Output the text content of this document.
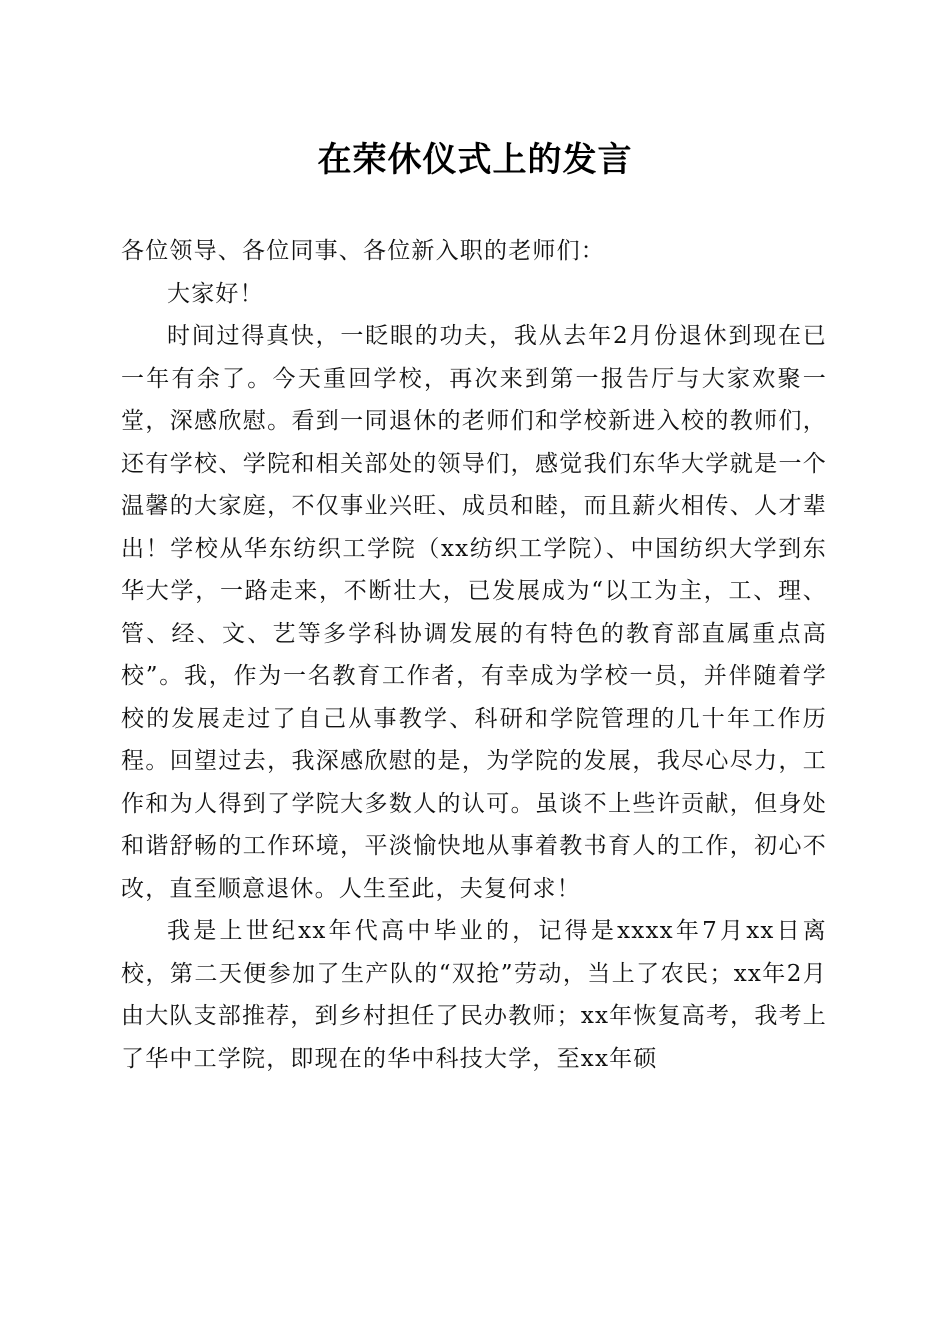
在荣休仪式上的发言

各位领导、各位同事、各位新入职的老师们：

大家好！

时间过得真快，一眨眼的功夫，我从去年2月份退休到现在已一年有余了。今天重回学校，再次来到第一报告厅与大家欢聚一堂，深感欣慰。看到一同退休的老师们和学校新进入校的教师们，还有学校、学院和相关部处的领导们，感觉我们东华大学就是一个温馨的大家庭，不仅事业兴旺、成员和睦，而且薪火相传、人才辈出！学校从华东纺织工学院（xx纺织工学院）、中国纺织大学到东华大学，一路走来，不断壮大，已发展成为“以工为主，工、理、管、经、文、艺等多学科协调发展的有特色的教育部直属重点高校”。我，作为一名教育工作者，有幸成为学校一员，并伴随着学校的发展走过了自己从事教学、科研和学院管理的几十年工作历程。回望过去，我深感欣慰的是，为学院的发展，我尽心尽力，工作和为人得到了学院大多数人的认可。虽谈不上些许贡献，但身处和谐舒畅的工作环境，平淡愉快地从事着教书育人的工作，初心不改，直至顺意退休。人生至此，夫复何求！

我是上世纪xx年代高中毕业的，记得是xxxx年7月xx日离校，第二天便参加了生产队的“双抢”劳动，当上了农民；xx年2月由大队支部推荐，到乡村担任了民办教师；xx年恢复高考，我考上了华中工学院，即现在的华中科技大学，至xx年硕
